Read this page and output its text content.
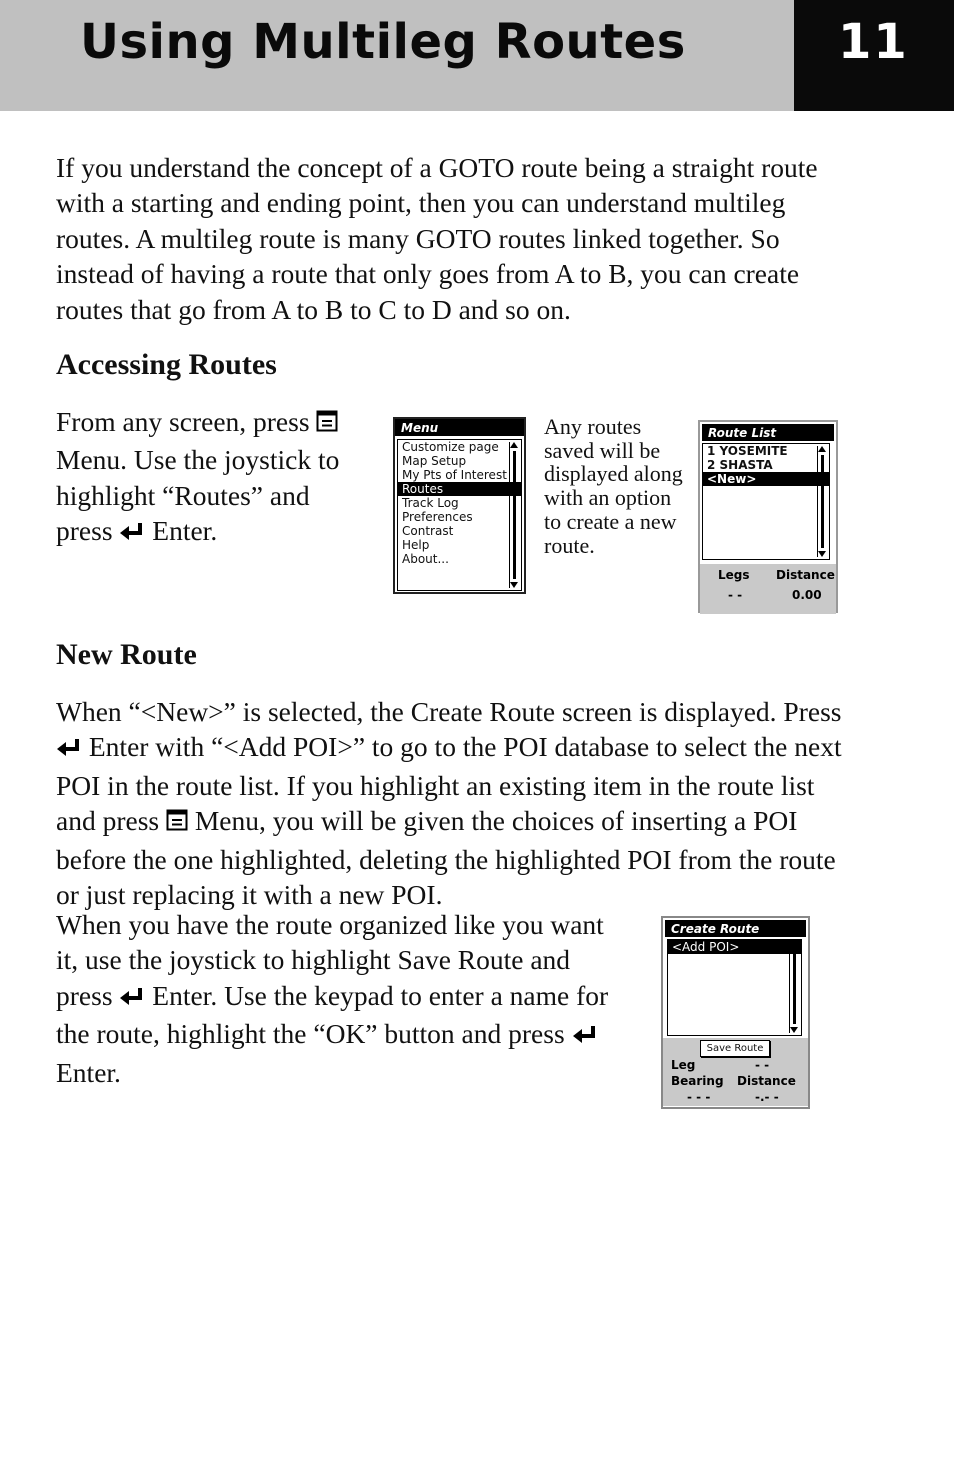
Using Multileg Routes	11

If you understand the concept of a GOTO route being a straight route with a starting and ending point, then you can understand multileg routes. A multileg route is many GOTO routes linked together. So instead of having a route that only goes from A to B, you can create routes that go from A to B to C to D and so on.

Accessing Routes

From any screen, press  Menu. Use the joystick to highlight “Routes” and press Enter.

Menu
Customize page
Map Setup
My Pts of Interest
Routes
Track Log
Preferences
Contrast
Help
About...

Any routes saved will be displayed along with an option to create a new route.

Route List
1 YOSEMITE
2 SHASTA
<New>
Legs Distance
- -	0.00
New Route

When “<New>” is selected, the Create Route screen is displayed. Press  Enter with “<Add POI>” to go to the POI database to select the next POI in the route list. If you highlight an existing item in the route list and press Menu, you will be given the choices of inserting a POI before the one highlighted, deleting the highlighted POI from the route or just replacing it with a new POI.

When you have the route organized like you want it, use the joystick to highlight Save Route and press Enter. Use the keypad to enter a name for the route, highlight the “OK” button and press  Enter.

Create Route
<Add POI>
Save Route
Leg	- -
Bearing Distance
- - -	-.- -
